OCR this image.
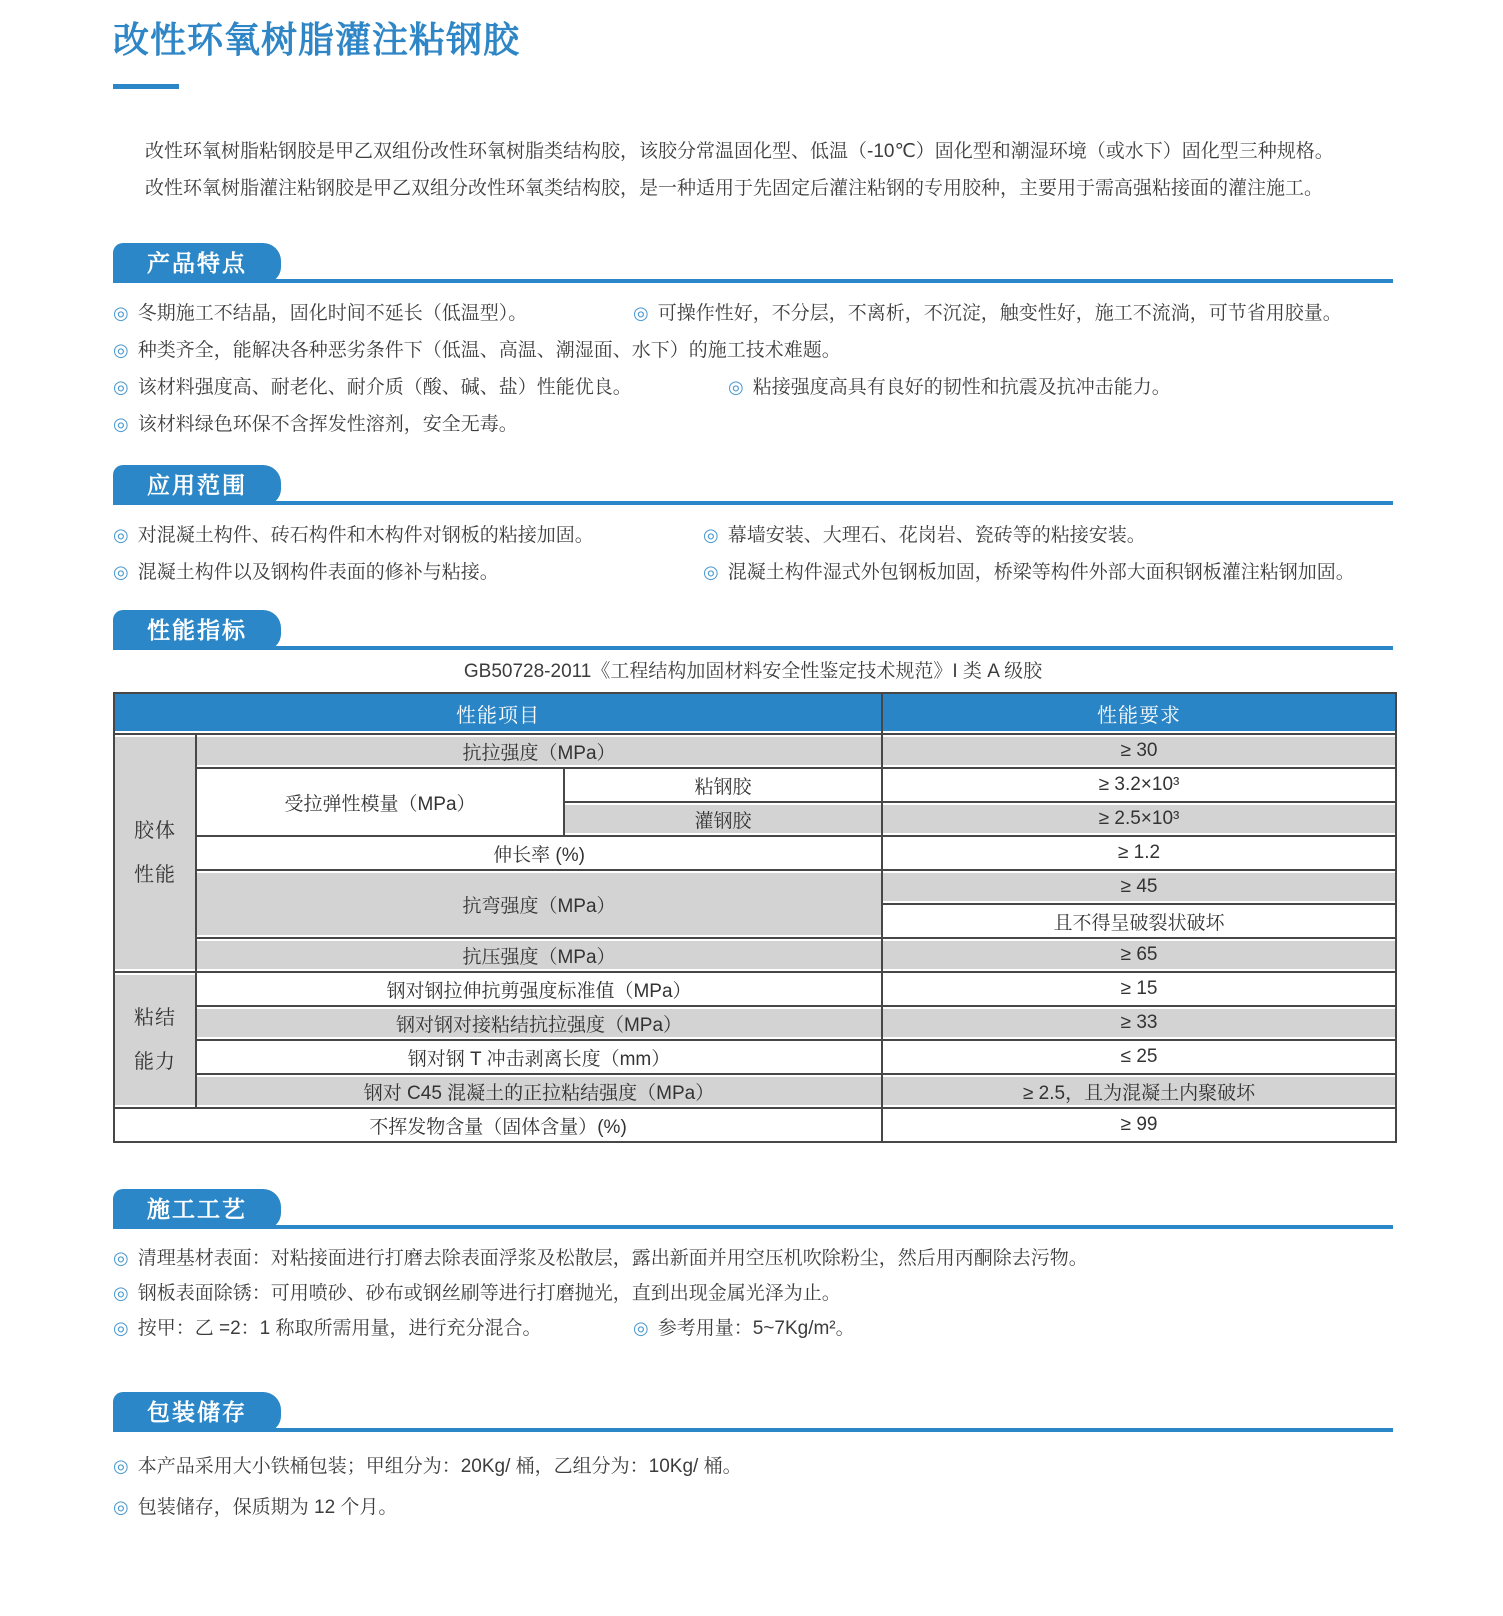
改性环氧树脂灌注粘钢胶

改性环氧树脂粘钢胶是甲乙双组份改性环氧树脂类结构胶，该胶分常温固化型、低温（-10℃）固化型和潮湿环境（或水下）固化型三种规格。

改性环氧树脂灌注粘钢胶是甲乙双组分改性环氧类结构胶，是一种适用于先固定后灌注粘钢的专用胶种，主要用于需高强粘接面的灌注施工。

产品特点
◎ 冬期施工不结晶，固化时间不延长（低温型）。	◎ 可操作性好，不分层，不离析，不沉淀，触变性好，施工不流淌，可节省用胶量。
◎ 种类齐全，能解决各种恶劣条件下（低温、高温、潮湿面、水下）的施工技术难题。
◎ 该材料强度高、耐老化、耐介质（酸、碱、盐）性能优良。	◎ 粘接强度高具有良好的韧性和抗震及抗冲击能力。
◎ 该材料绿色环保不含挥发性溶剂，安全无毒。
应用范围
◎ 对混凝土构件、砖石构件和木构件对钢板的粘接加固。	◎ 幕墙安装、大理石、花岗岩、瓷砖等的粘接安装。
◎ 混凝土构件以及钢构件表面的修补与粘接。	◎ 混凝土构件湿式外包钢板加固，桥梁等构件外部大面积钢板灌注粘钢加固。
性能指标
GB50728-2011《工程结构加固材料安全性鉴定技术规范》I 类 A 级胶
性能项目			性能要求

胶体性能	抗拉强度（MPa）		≥ 30
	受拉弹性模量（MPa）	粘钢胶	≥ 3.2×10³
		灌钢胶	≥ 2.5×10³
	伸长率 (%)		≥ 1.2
	抗弯强度（MPa）		≥ 45
			且不得呈破裂状破坏
	抗压强度（MPa）		≥ 65

粘结能力	钢对钢拉伸抗剪强度标准值（MPa）		≥ 15
	钢对钢对接粘结抗拉强度（MPa）		≥ 33
	钢对钢 T 冲击剥离长度（mm）		≤ 25
	钢对 C45 混凝土的正拉粘结强度（MPa）		≥ 2.5，且为混凝土内聚破坏
不挥发物含量（固体含量）(%)			≥ 99
施工工艺
◎ 清理基材表面：对粘接面进行打磨去除表面浮浆及松散层，露出新面并用空压机吹除粉尘，然后用丙酮除去污物。
◎ 钢板表面除锈：可用喷砂、砂布或钢丝刷等进行打磨抛光，直到出现金属光泽为止。
◎ 按甲：乙 =2：1 称取所需用量，进行充分混合。	◎ 参考用量：5~7Kg/m²。
包装储存
◎ 本产品采用大小铁桶包装；甲组分为：20Kg/ 桶，乙组分为：10Kg/ 桶。
◎ 包装储存，保质期为 12 个月。
